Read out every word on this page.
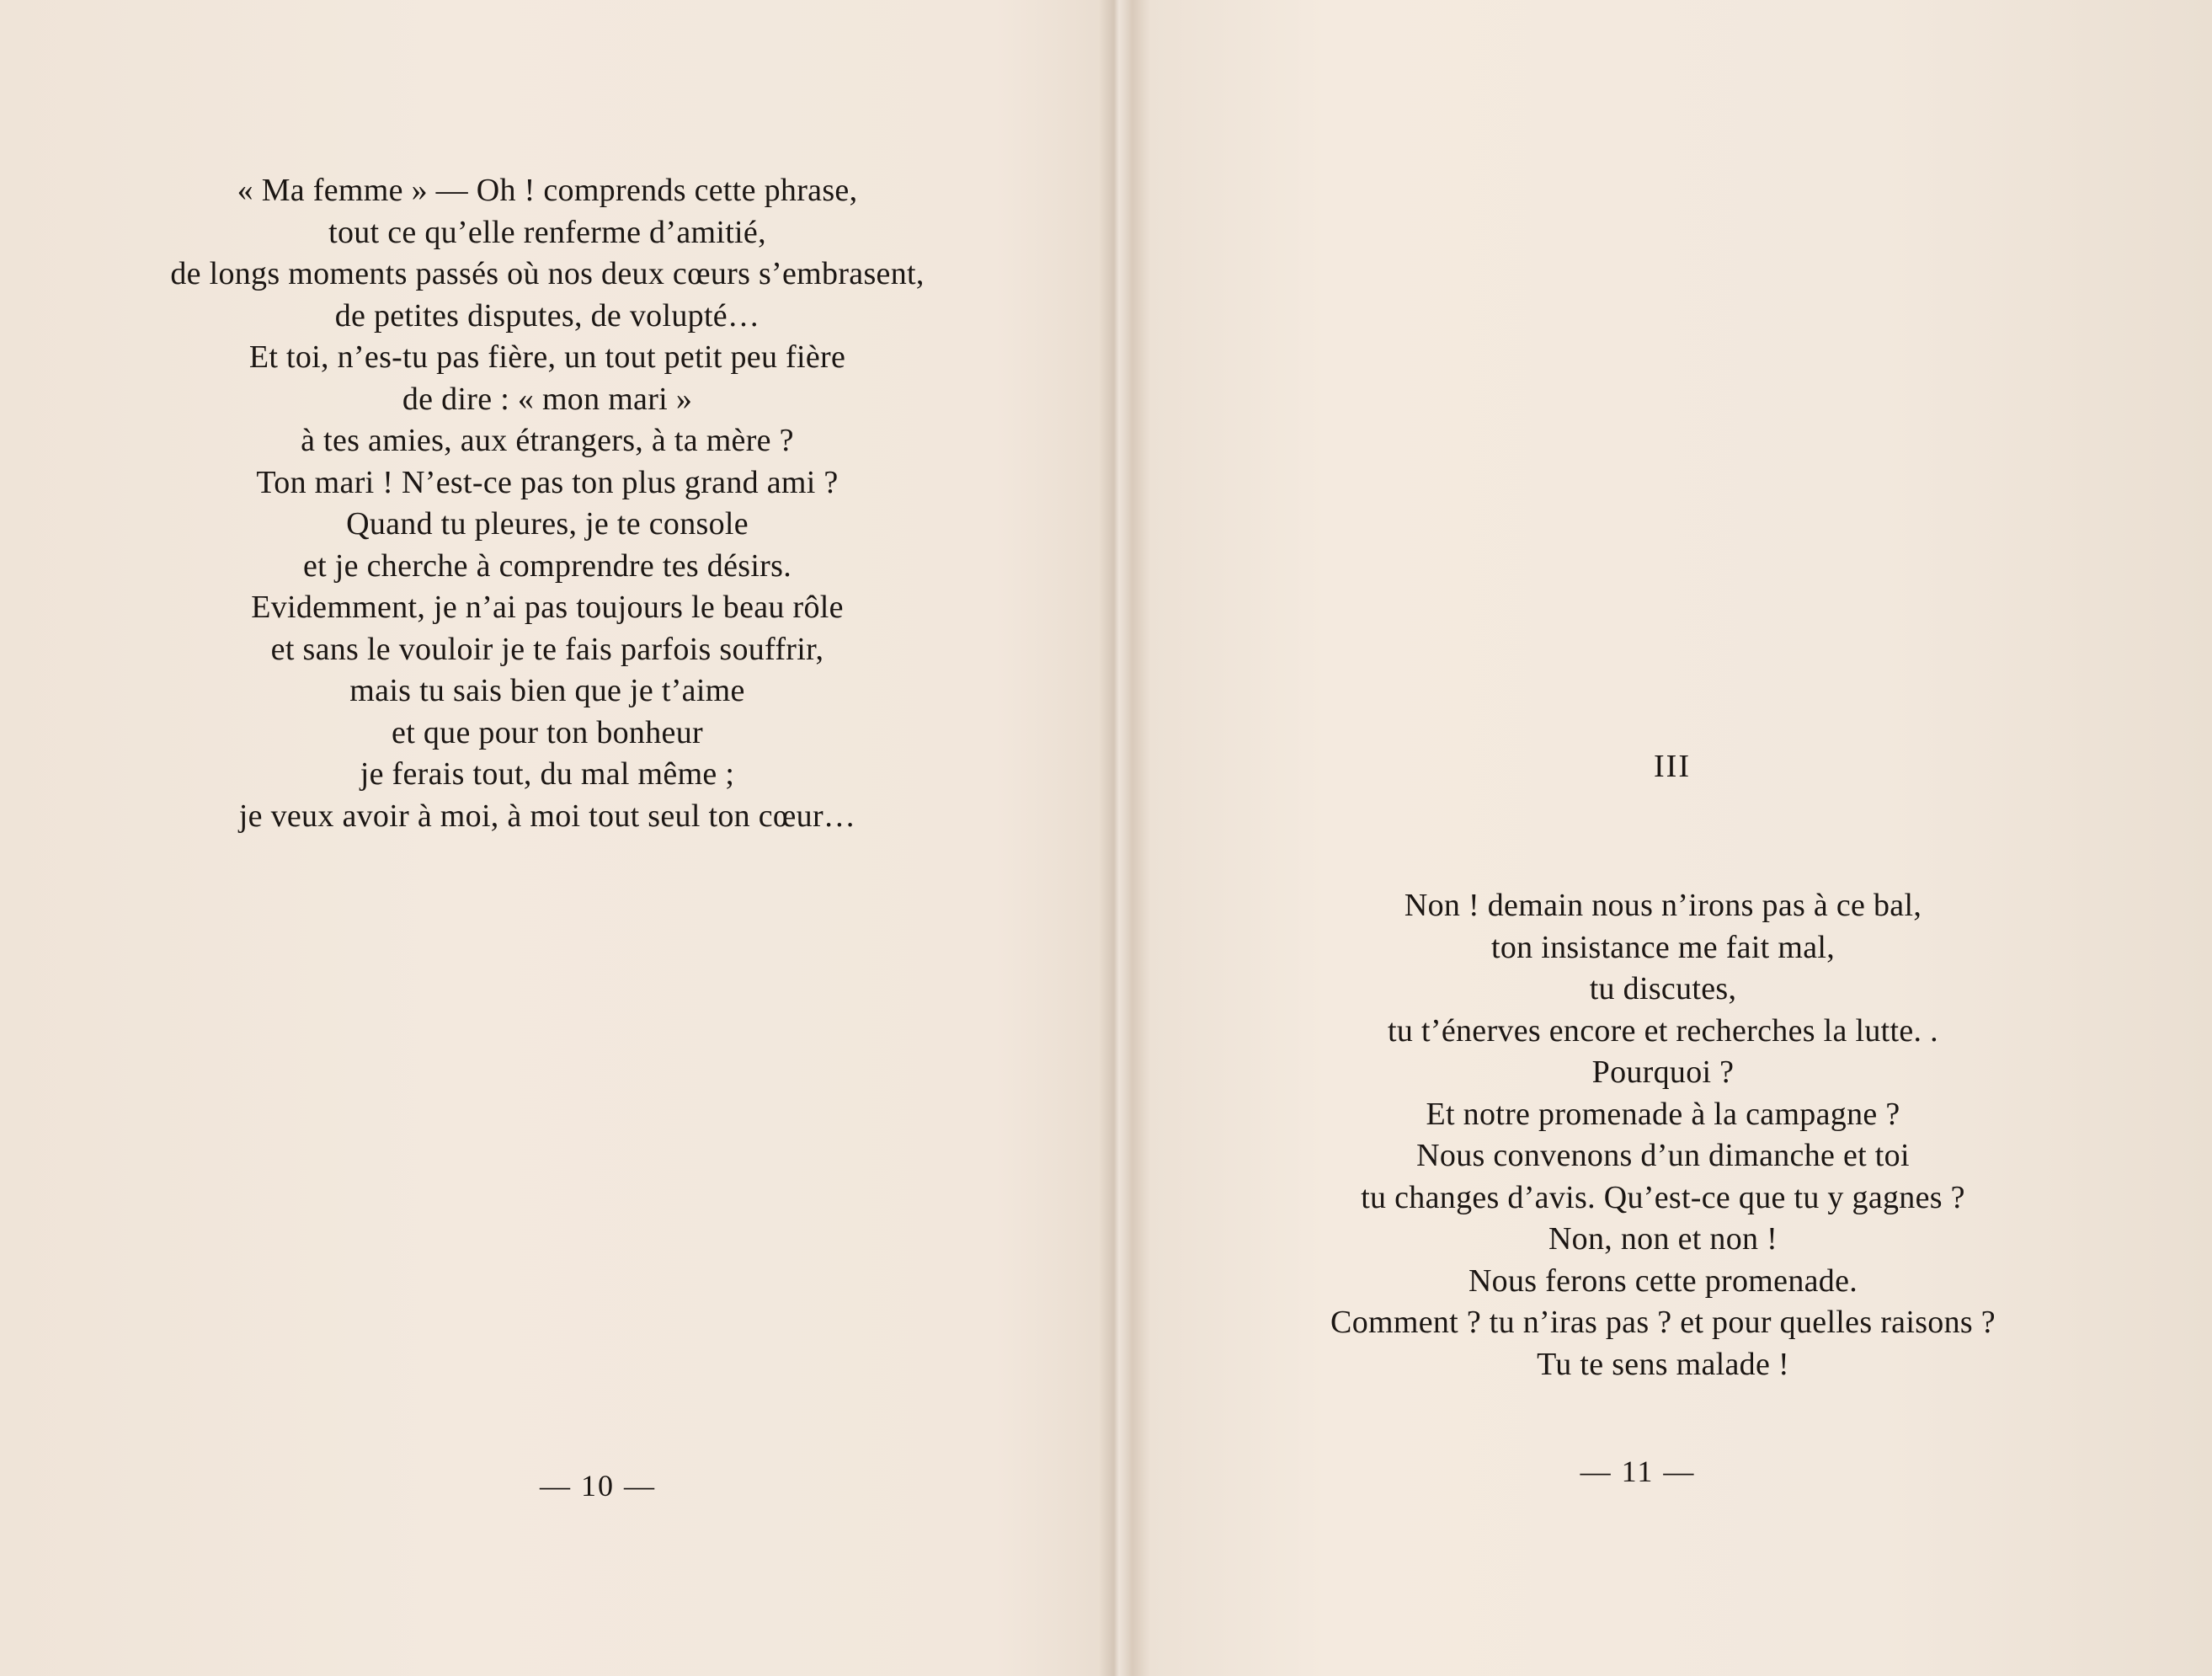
« Ma femme » — Oh ! comprends cette phrase,
tout ce qu’elle renferme d’amitié,
de longs moments passés où nos deux cœurs s’embrasent,
de petites disputes, de volupté…
Et toi, n’es-tu pas fière, un tout petit peu fière
de dire : « mon mari »
à tes amies, aux étrangers, à ta mère ?
Ton mari ! N’est-ce pas ton plus grand ami ?
Quand tu pleures, je te console
et je cherche à comprendre tes désirs.
Evidemment, je n’ai pas toujours le beau rôle
et sans le vouloir je te fais parfois souffrir,
mais tu sais bien que je t’aime
et que pour ton bonheur
je ferais tout, du mal même ;
je veux avoir à moi, à moi tout seul ton cœur…
— 10 —
III
Non ! demain nous n’irons pas à ce bal,
ton insistance me fait mal,
tu discutes,
tu t’énerves encore et recherches la lutte. .
Pourquoi ?
Et notre promenade à la campagne ?
Nous convenons d’un dimanche et toi
tu changes d’avis. Qu’est-ce que tu y gagnes ?
Non, non et non !
Nous ferons cette promenade.
Comment ? tu n’iras pas ? et pour quelles raisons ?
Tu te sens malade !
— 11 —
